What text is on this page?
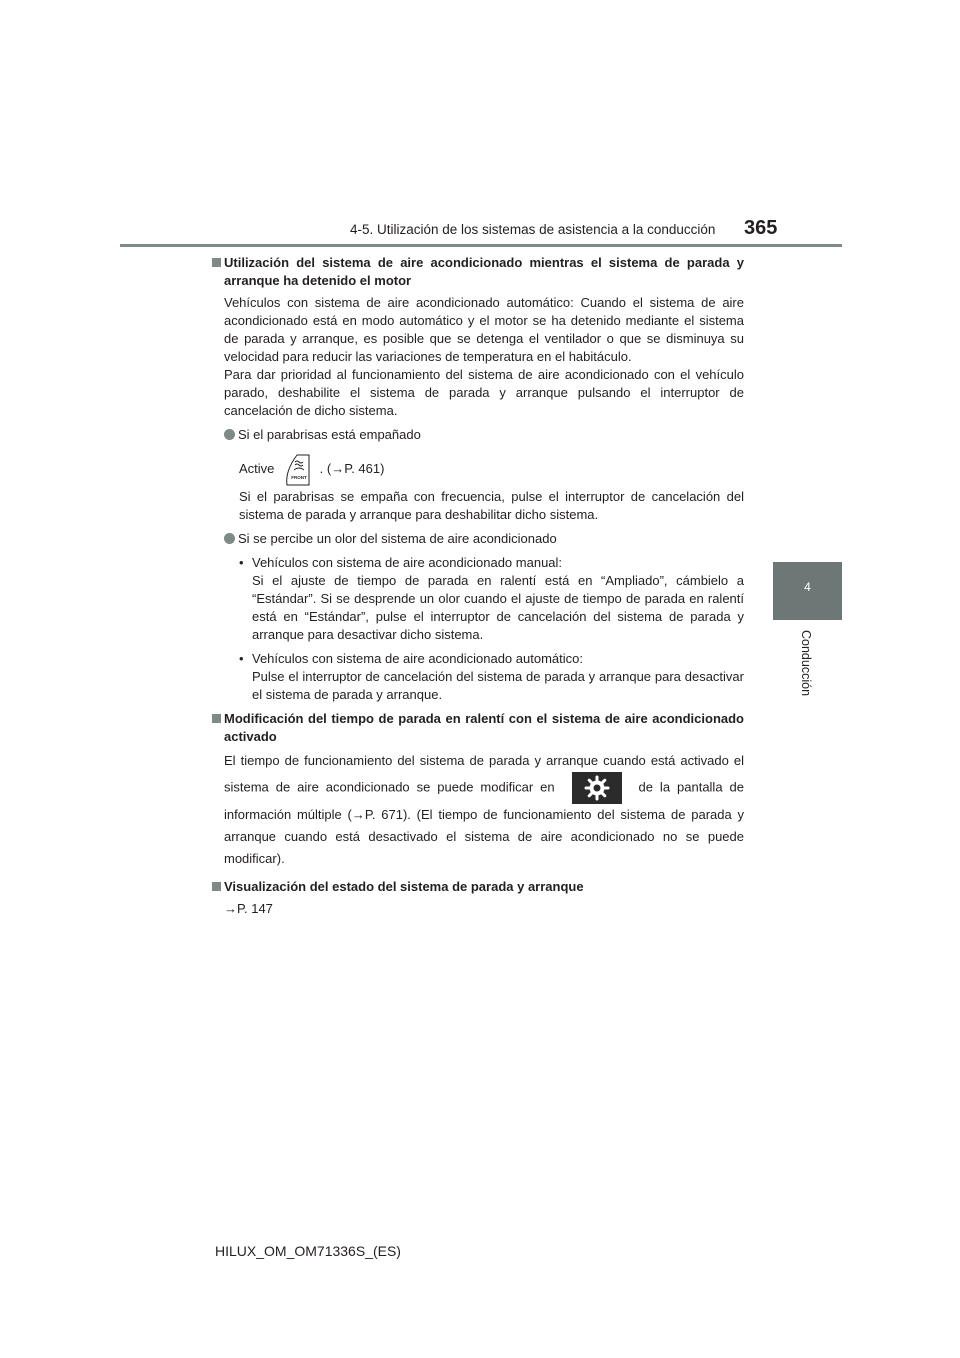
4-5. Utilización de los sistemas de asistencia a la conducción 365
4
Conducción

Utilización del sistema de aire acondicionado mientras el sistema de parada y arranque ha detenido el motor

Vehículos con sistema de aire acondicionado automático: Cuando el sistema de aire acondicionado está en modo automático y el motor se ha detenido mediante el sistema de parada y arranque, es posible que se detenga el ventilador o que se disminuya su velocidad para reducir las variaciones de temperatura en el habitáculo.

Para dar prioridad al funcionamiento del sistema de aire acondicionado con el vehículo parado, deshabilite el sistema de parada y arranque pulsando el interruptor de cancelación de dicho sistema.

Si el parabrisas está empañado

Active
FRONT
. (→P. 461)

Si el parabrisas se empaña con frecuencia, pulse el interruptor de cancelación del sistema de parada y arranque para deshabilitar dicho sistema.

Si se percibe un olor del sistema de aire acondicionado

• Vehículos con sistema de aire acondicionado manual:

Si el ajuste de tiempo de parada en ralentí está en “Ampliado”, cámbielo a “Estándar”. Si se desprende un olor cuando el ajuste de tiempo de parada en ralentí está en “Estándar”, pulse el interruptor de cancelación del sistema de parada y arranque para desactivar dicho sistema.

• Vehículos con sistema de aire acondicionado automático:

Pulse el interruptor de cancelación del sistema de parada y arranque para desactivar el sistema de parada y arranque.

Modificación del tiempo de parada en ralentí con el sistema de aire acondicionado activado

El tiempo de funcionamiento del sistema de parada y arranque cuando está activado el sistema de aire acondicionado se puede modificar en	de la pantalla de información múltiple (→P. 671). (El tiempo de funcionamiento del sistema de parada y arranque cuando está desactivado el sistema de aire acondicionado no se puede modificar).

Visualización del estado del sistema de parada y arranque

→P. 147

HILUX_OM_OM71336S_(ES)
